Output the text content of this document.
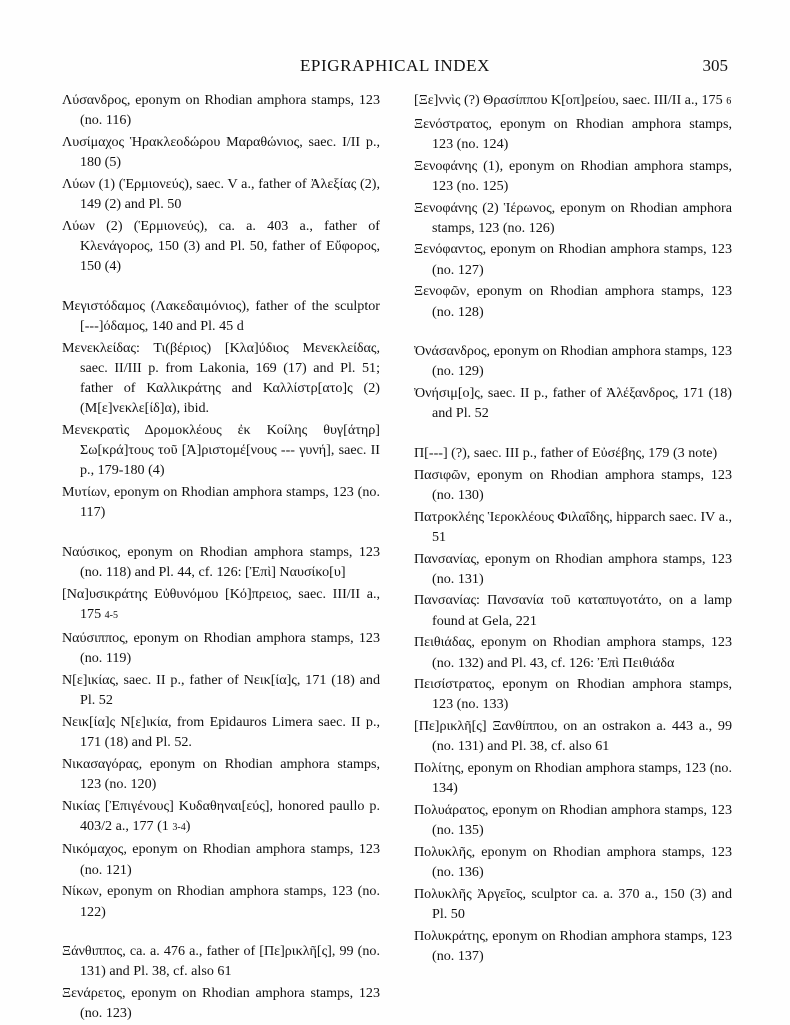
EPIGRAPHICAL INDEX	305

Λύσανδρος, eponym on Rhodian amphora stamps, 123 (no. 116)

Λυσίμαχος Ἡρακλεοδώρου Μαραθώνιος, saec. I/II p., 180 (5)

Λύων (1) (Ἑρμιονεύς), saec. V a., father of Ἀλεξίας (2), 149 (2) and Pl. 50

Λύων (2) (Ἑρμιονεύς), ca. a. 403 a., father of Κλενάγορος, 150 (3) and Pl. 50, father of Εὔφορος, 150 (4)

Μεγιστόδαμος (Λακεδαιμόνιος), father of the sculptor [---]όδαμος, 140 and Pl. 45 d

Μενεκλείδας: Τι(βέριος) [Κλα]ύδιος Μενεκλείδας, saec. II/III p. from Lakonia, 169 (17) and Pl. 51; father of Καλλικράτης and Καλλίστρ[ατο]ς (2) (Μ[ε]νεκλε[ίδ]α), ibid.

Μενεκρατὶς Δρομοκλέους ἐκ Κοίλης θυγ[άτηρ] Σω[κρά]τους τοῦ [Ἀ]ριστομέ[νους --- γυνή], saec. II p., 179-180 (4)

Μυτίων, eponym on Rhodian amphora stamps, 123 (no. 117)

Ναύσικος, eponym on Rhodian amphora stamps, 123 (no. 118) and Pl. 44, cf. 126: [Ἐπὶ] Ναυσίκο[υ]

[Να]υσικράτης Εὐθυνόμου [Κό]πρειος, saec. III/II a., 175 4-5

Ναύσιππος, eponym on Rhodian amphora stamps, 123 (no. 119)

Ν[ε]ικίας, saec. II p., father of Νεικ[ία]ς, 171 (18) and Pl. 52

Νεικ[ία]ς Ν[ε]ικία, from Epidauros Limera saec. II p., 171 (18) and Pl. 52.

Νικασαγόρας, eponym on Rhodian amphora stamps, 123 (no. 120)

Νικίας [Ἐπιγένους] Κυδαθηναι[εύς], honored paullo p. 403/2 a., 177 (1 3-4)

Νικόμαχος, eponym on Rhodian amphora stamps, 123 (no. 121)

Νίκων, eponym on Rhodian amphora stamps, 123 (no. 122)

Ξάνθιππος, ca. a. 476 a., father of [Πε]ρικλῆ[ς], 99 (no. 131) and Pl. 38, cf. also 61

Ξενάρετος, eponym on Rhodian amphora stamps, 123 (no. 123)

[Ξε]ννὶς (?) Θρασίππου Κ[οπ]ρείου, saec. III/II a., 175 6

Ξενόστρατος, eponym on Rhodian amphora stamps, 123 (no. 124)

Ξενοφάνης (1), eponym on Rhodian amphora stamps, 123 (no. 125)

Ξενοφάνης (2) Ἱέρωνος, eponym on Rhodian amphora stamps, 123 (no. 126)

Ξενόφαντος, eponym on Rhodian amphora stamps, 123 (no. 127)

Ξενοφῶν, eponym on Rhodian amphora stamps, 123 (no. 128)

Ὀνάσανδρος, eponym on Rhodian amphora stamps, 123 (no. 129)

Ὀνήσιμ[ο]ς, saec. II p., father of Ἀλέξανδρος, 171 (18) and Pl. 52

Π[---] (?), saec. III p., father of Εὐσέβης, 179 (3 note)

Πασιφῶν, eponym on Rhodian amphora stamps, 123 (no. 130)

Πατροκλέης Ἱεροκλέους Φιλαΐδης, hipparch saec. IV a., 51

Πανσανίας, eponym on Rhodian amphora stamps, 123 (no. 131)

Πανσανίας: Πανσανία τοῦ καταπυγοτάτο, on a lamp found at Gela, 221

Πειθιάδας, eponym on Rhodian amphora stamps, 123 (no. 132) and Pl. 43, cf. 126: Ἐπὶ Πειθιάδα

Πεισίστρατος, eponym on Rhodian amphora stamps, 123 (no. 133)

[Πε]ρικλῆ[ς] Ξανθίππου, on an ostrakon a. 443 a., 99 (no. 131) and Pl. 38, cf. also 61

Πολίτης, eponym on Rhodian amphora stamps, 123 (no. 134)

Πολυάρατος, eponym on Rhodian amphora stamps, 123 (no. 135)

Πολυκλῆς, eponym on Rhodian amphora stamps, 123 (no. 136)

Πολυκλῆς Ἀργεῖος, sculptor ca. a. 370 a., 150 (3) and Pl. 50

Πολυκράτης, eponym on Rhodian amphora stamps, 123 (no. 137)
